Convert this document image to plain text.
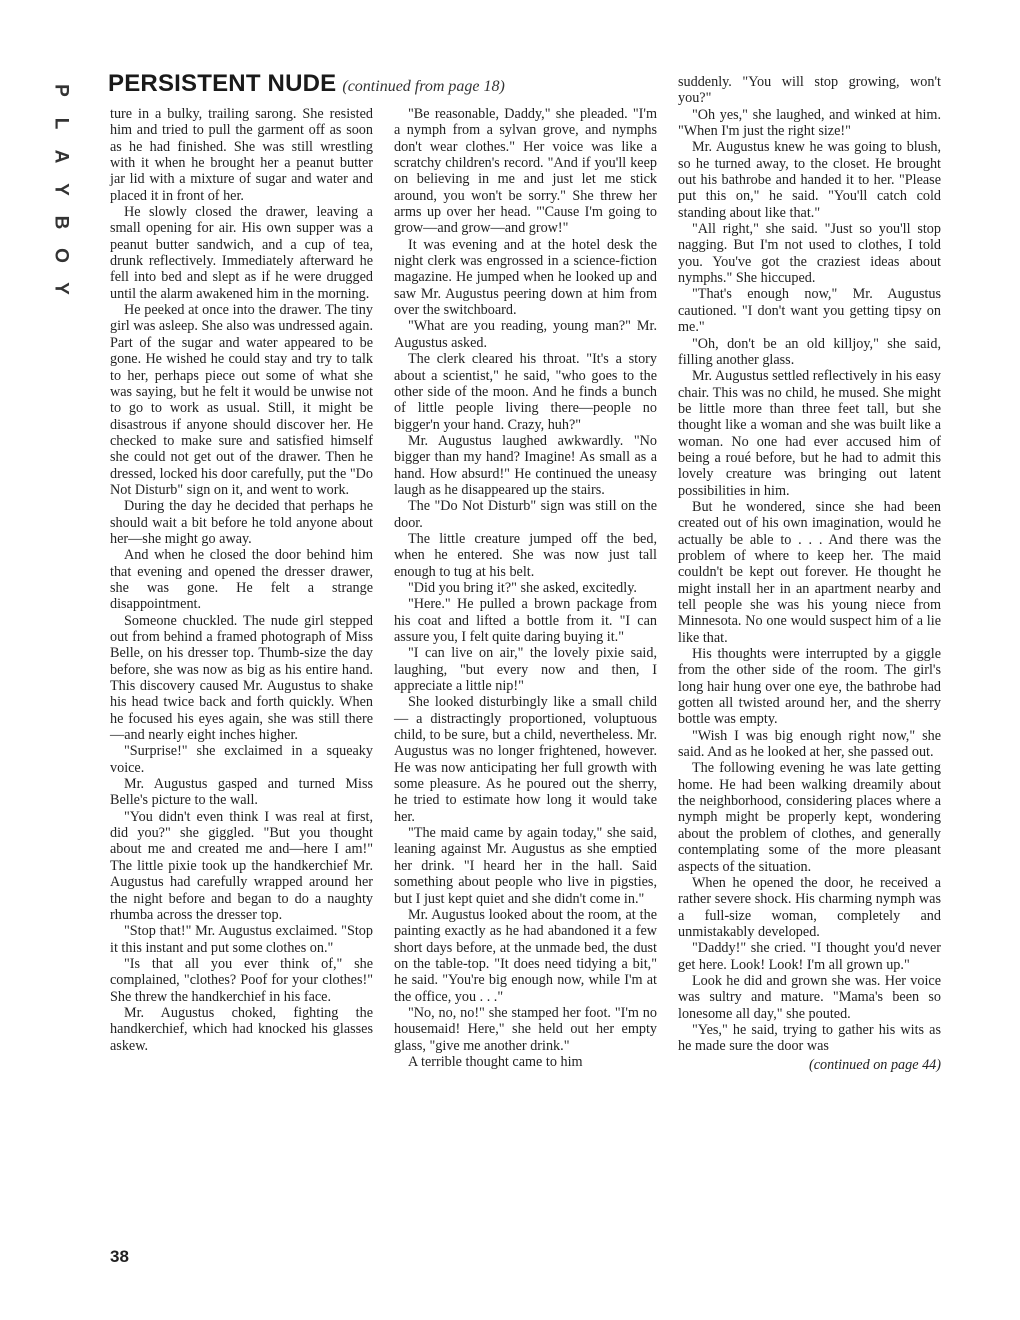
P
L
A
Y
B
O
Y
PERSISTENT NUDE (continued from page 18)

ture in a bulky, trailing sarong. She resisted him and tried to pull the garment off as soon as he had finished. She was still wrestling with it when he brought her a peanut butter jar lid with a mixture of sugar and water and placed it in front of her.

He slowly closed the drawer, leaving a small opening for air. His own supper was a peanut butter sandwich, and a cup of tea, drunk reflectively. Immediately afterward he fell into bed and slept as if he were drugged until the alarm awakened him in the morning.

He peeked at once into the drawer. The tiny girl was asleep. She also was undressed again. Part of the sugar and water appeared to be gone. He wished he could stay and try to talk to her, perhaps piece out some of what she was saying, but he felt it would be unwise not to go to work as usual. Still, it might be disastrous if anyone should discover her. He checked to make sure and satisfied himself she could not get out of the drawer. Then he dressed, locked his door carefully, put the "Do Not Disturb" sign on it, and went to work.

During the day he decided that perhaps he should wait a bit before he told anyone about her—she might go away.

And when he closed the door behind him that evening and opened the dresser drawer, she was gone. He felt a strange disappointment.

Someone chuckled. The nude girl stepped out from behind a framed photograph of Miss Belle, on his dresser top. Thumb-size the day before, she was now as big as his entire hand. This discovery caused Mr. Augustus to shake his head twice back and forth quickly. When he focused his eyes again, she was still there—and nearly eight inches higher.

"Surprise!" she exclaimed in a squeaky voice.

Mr. Augustus gasped and turned Miss Belle's picture to the wall.

"You didn't even think I was real at first, did you?" she giggled. "But you thought about me and created me and—here I am!" The little pixie took up the handkerchief Mr. Augustus had carefully wrapped around her the night before and began to do a naughty rhumba across the dresser top.

"Stop that!" Mr. Augustus exclaimed. "Stop it this instant and put some clothes on."

"Is that all you ever think of," she complained, "clothes? Poof for your clothes!" She threw the handkerchief in his face.

Mr. Augustus choked, fighting the handkerchief, which had knocked his glasses askew.

"Be reasonable, Daddy," she pleaded. "I'm a nymph from a sylvan grove, and nymphs don't wear clothes." Her voice was like a scratchy children's record. "And if you'll keep on believing in me and just let me stick around, you won't be sorry." She threw her arms up over her head. "'Cause I'm going to grow—and grow—and grow!"

It was evening and at the hotel desk the night clerk was engrossed in a science-fiction magazine. He jumped when he looked up and saw Mr. Augustus peering down at him from over the switchboard.

"What are you reading, young man?" Mr. Augustus asked.

The clerk cleared his throat. "It's a story about a scientist," he said, "who goes to the other side of the moon. And he finds a bunch of little people living there—people no bigger'n your hand. Crazy, huh?"

Mr. Augustus laughed awkwardly. "No bigger than my hand? Imagine! As small as a hand. How absurd!" He continued the uneasy laugh as he disappeared up the stairs.

The "Do Not Disturb" sign was still on the door.

The little creature jumped off the bed, when he entered. She was now just tall enough to tug at his belt.

"Did you bring it?" she asked, excitedly.

"Here." He pulled a brown package from his coat and lifted a bottle from it. "I can assure you, I felt quite daring buying it."

"I can live on air," the lovely pixie said, laughing, "but every now and then, I appreciate a little nip!"

She looked disturbingly like a small child — a distractingly proportioned, voluptuous child, to be sure, but a child, nevertheless. Mr. Augustus was no longer frightened, however. He was now anticipating her full growth with some pleasure. As he poured out the sherry, he tried to estimate how long it would take her.

"The maid came by again today," she said, leaning against Mr. Augustus as she emptied her drink. "I heard her in the hall. Said something about people who live in pigsties, but I just kept quiet and she didn't come in."

Mr. Augustus looked about the room, at the painting exactly as he had abandoned it a few short days before, at the unmade bed, the dust on the table-top. "It does need tidying a bit," he said. "You're big enough now, while I'm at the office, you . . ."

"No, no, no!" she stamped her foot. "I'm no housemaid! Here," she held out her empty glass, "give me another drink."

A terrible thought came to him

suddenly. "You will stop growing, won't you?"

"Oh yes," she laughed, and winked at him. "When I'm just the right size!"

Mr. Augustus knew he was going to blush, so he turned away, to the closet. He brought out his bathrobe and handed it to her. "Please put this on," he said. "You'll catch cold standing about like that."

"All right," she said. "Just so you'll stop nagging. But I'm not used to clothes, I told you. You've got the craziest ideas about nymphs." She hiccuped.

"That's enough now," Mr. Augustus cautioned. "I don't want you getting tipsy on me."

"Oh, don't be an old killjoy," she said, filling another glass.

Mr. Augustus settled reflectively in his easy chair. This was no child, he mused. She might be little more than three feet tall, but she thought like a woman and she was built like a woman. No one had ever accused him of being a roué before, but he had to admit this lovely creature was bringing out latent possibilities in him.

But he wondered, since she had been created out of his own imagination, would he actually be able to . . . And there was the problem of where to keep her. The maid couldn't be kept out forever. He thought he might install her in an apartment nearby and tell people she was his young niece from Minnesota. No one would suspect him of a lie like that.

His thoughts were interrupted by a giggle from the other side of the room. The girl's long hair hung over one eye, the bathrobe had gotten all twisted around her, and the sherry bottle was empty.

"Wish I was big enough right now," she said. And as he looked at her, she passed out.

The following evening he was late getting home. He had been walking dreamily about the neighborhood, considering places where a nymph might be properly kept, wondering about the problem of clothes, and generally contemplating some of the more pleasant aspects of the situation.

When he opened the door, he received a rather severe shock. His charming nymph was a full-size woman, completely and unmistakably developed.

"Daddy!" she cried. "I thought you'd never get here. Look! Look! I'm all grown up."

Look he did and grown she was. Her voice was sultry and mature. "Mama's been so lonesome all day," she pouted.

"Yes," he said, trying to gather his wits as he made sure the door was

(continued on page 44)
38
